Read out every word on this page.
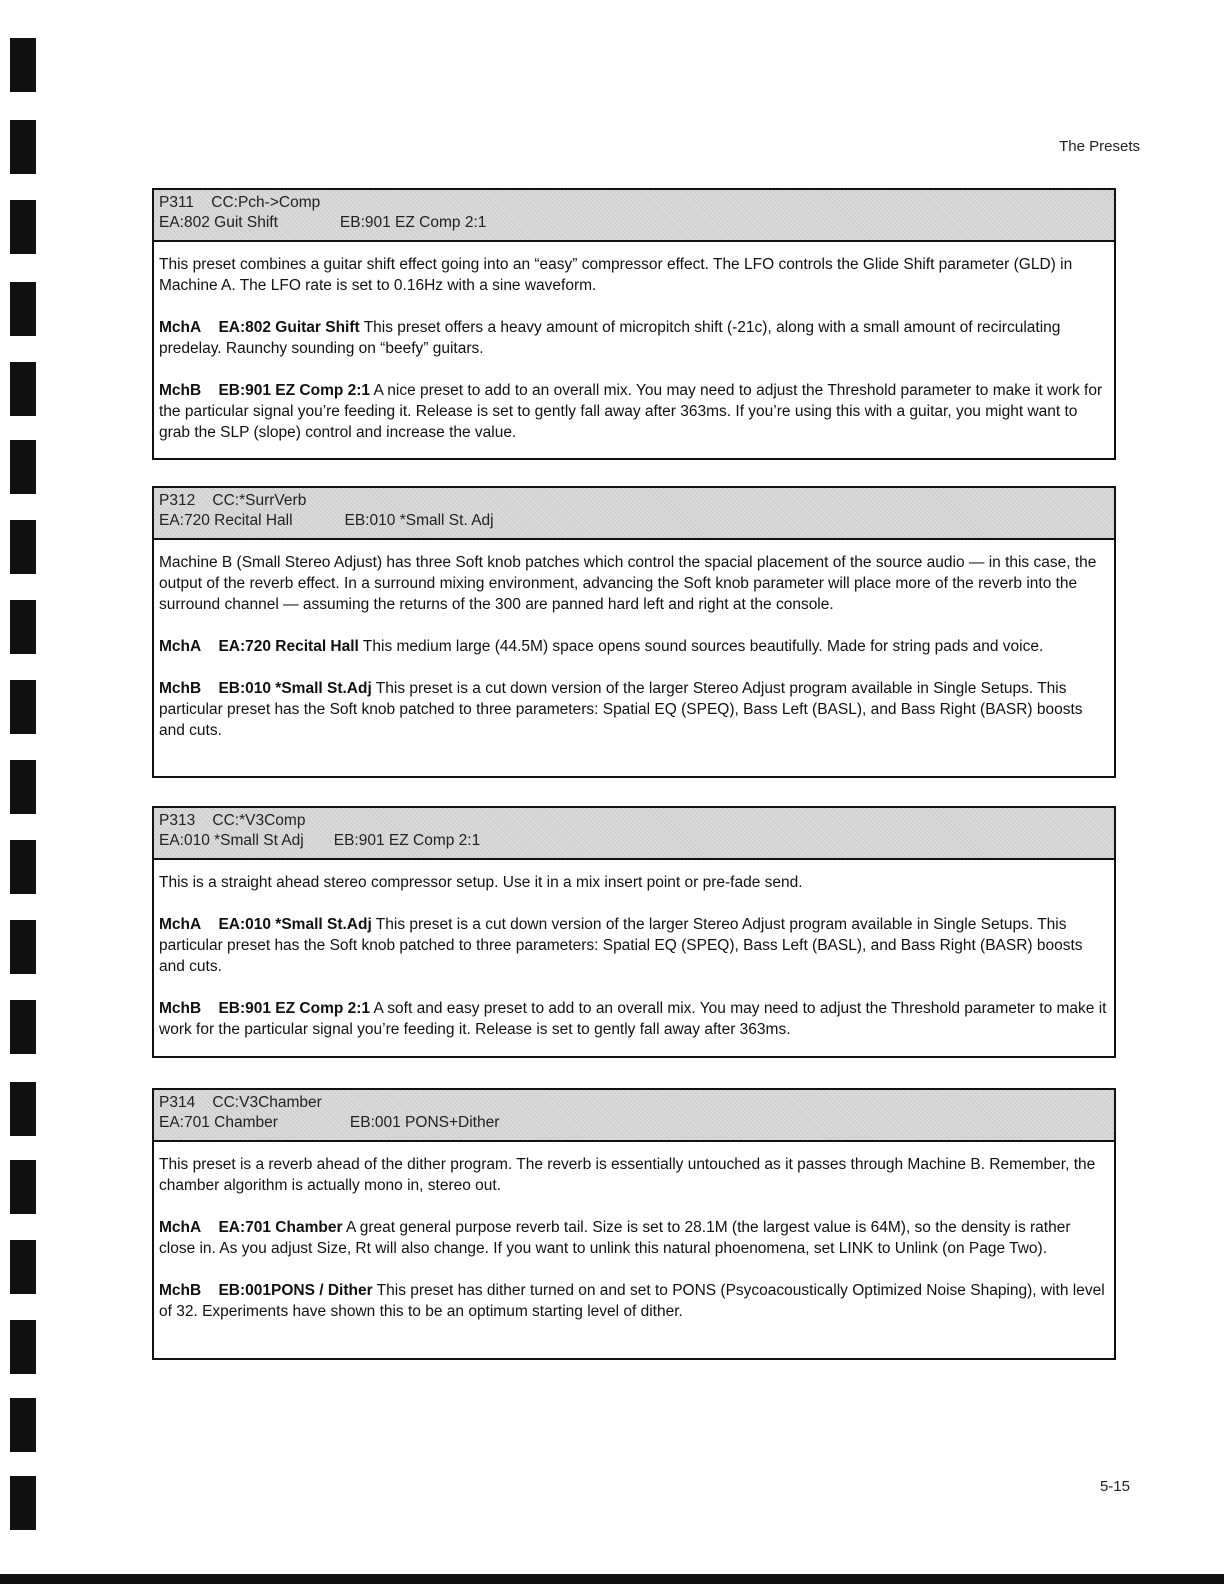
The Presets
P311    CC:Pch->Comp
EA:802 Guit Shift	EB:901 EZ Comp 2:1

This preset combines a guitar shift effect going into an “easy” compressor effect. The LFO controls the Glide Shift parameter (GLD) in Machine A. The LFO rate is set to 0.16Hz with a sine waveform.

MchA EA:802 Guitar Shift This preset offers a heavy amount of micropitch shift (-21c), along with a small amount of recirculating predelay. Raunchy sounding on “beefy” guitars.

MchB EB:901 EZ Comp 2:1 A nice preset to add to an overall mix. You may need to adjust the Threshold parameter to make it work for the particular signal you’re feeding it. Release is set to gently fall away after 363ms. If you’re using this with a guitar, you might want to grab the SLP (slope) control and increase the value.

P312    CC:*SurrVerb
EA:720 Recital Hall	EB:010 *Small St. Adj

Machine B (Small Stereo Adjust) has three Soft knob patches which control the spacial placement of the source audio — in this case, the output of the reverb effect. In a surround mixing environment, advancing the Soft knob parameter will place more of the reverb into the surround channel — assuming the returns of the 300 are panned hard left and right at the console.

MchA EA:720 Recital Hall This medium large (44.5M) space opens sound sources beautifully. Made for string pads and voice.

MchB EB:010 *Small St.Adj This preset is a cut down version of the larger Stereo Adjust program available in Single Setups. This particular preset has the Soft knob patched to three parameters: Spatial EQ (SPEQ), Bass Left (BASL), and Bass Right (BASR) boosts and cuts.

P313    CC:*V3Comp
EA:010 *Small St Adj EB:901 EZ Comp 2:1

This is a straight ahead stereo compressor setup. Use it in a mix insert point or pre-fade send.

MchA EA:010 *Small St.Adj This preset is a cut down version of the larger Stereo Adjust program available in Single Setups. This particular preset has the Soft knob patched to three parameters: Spatial EQ (SPEQ), Bass Left (BASL), and Bass Right (BASR) boosts and cuts.

MchB EB:901 EZ Comp 2:1 A soft and easy preset to add to an overall mix. You may need to adjust the Threshold parameter to make it work for the particular signal you’re feeding it. Release is set to gently fall away after 363ms.

P314    CC:V3Chamber
EA:701 Chamber	EB:001 PONS+Dither

This preset is a reverb ahead of the dither program. The reverb is essentially untouched as it passes through Machine B. Remember, the chamber algorithm is actually mono in, stereo out.

MchA EA:701 Chamber A great general purpose reverb tail. Size is set to 28.1M (the largest value is 64M), so the density is rather close in. As you adjust Size, Rt will also change. If you want to unlink this natural phoenomena, set LINK to Unlink (on Page Two).

MchB EB:001PONS / Dither This preset has dither turned on and set to PONS (Psycoacoustically Optimized Noise Shaping), with level of 32. Experiments have shown this to be an optimum starting level of dither.

5-15
